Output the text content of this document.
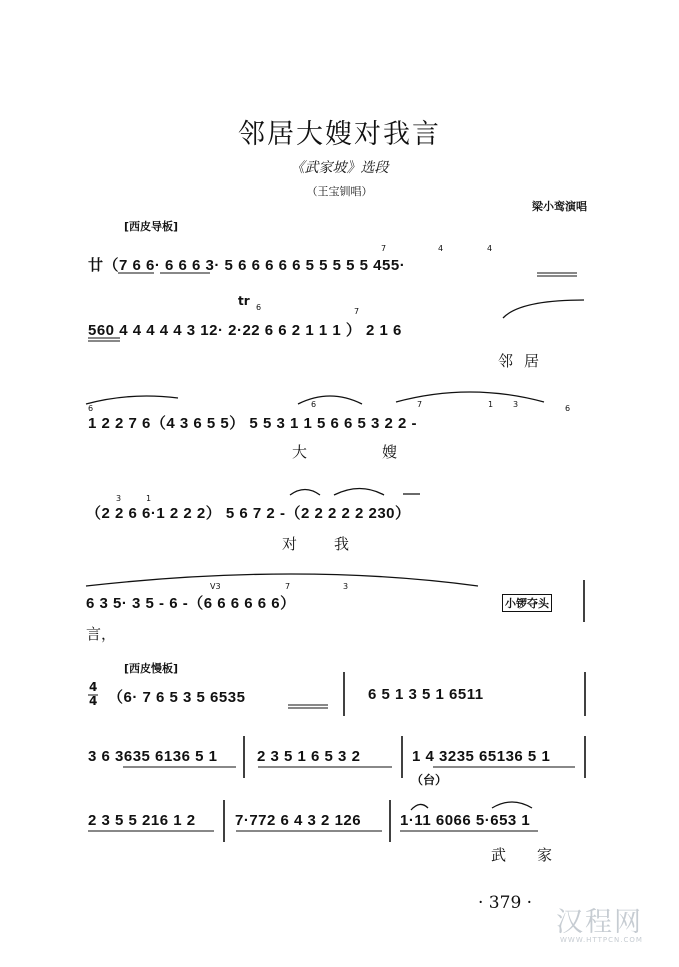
邻居大嫂对我言
《武家坡》选段
（王宝钏唱）
梁小鸾演唱
[西皮导板]
7	4	4
廿（7 6 6· 6 6 6 3· 5 6 6 6 6 6 5 5 5 5 5 455·
tr 6	7
560 4 4 4 4 4 3 12· 2·22 6 6 2 1 1 1 ） 2 1 6
邻 居
6	6	7	1 3	6
1 2 2 7 6（4 3 6 5 5） 5 5 3 1 1 5 6 6 5 3 2 2 -
大	嫂
3	1
（2 2 6 6·1 2 2 2） 5 6 7 2 -（2 2 2 2 2 230）
对 我
V3	7	3
6 3 5· 3 5 - 6 -（6 6 6 6 6 6）	小锣夺头
言，
[西皮慢板]
4
4 （6· 7 6 5 3 5 6535	6 5 1 3 5 1 6511
3 6 3635 6136 5 1	2 3 5 1 6 5 3 2	1 4 3235 65136 5 1
（台）
2 3 5 5 216 1 2	7·772 6 4 3 2 126	1·11 6066 5·653 1
武 家
· 379 ·
汉程网
WWW.HTTPCN.COM
